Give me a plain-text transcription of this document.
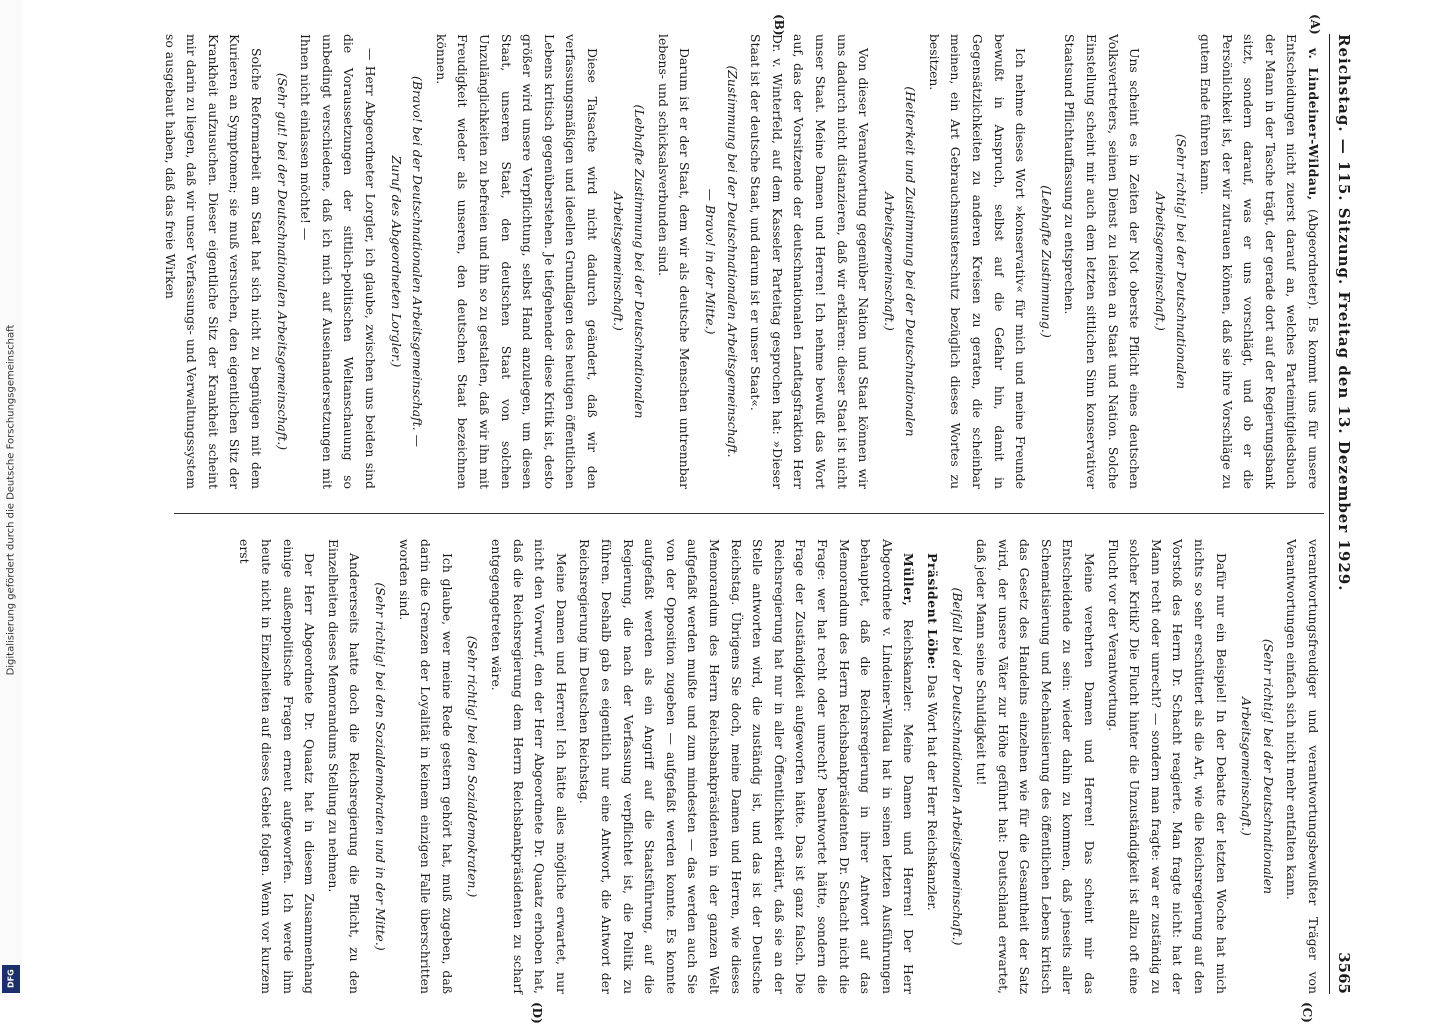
Digitalisierung gefördert durch die Deutsche Forschungsgemeinschaft
DFG
Reichstag. — 115. Sitzung. Freitag den 13. Dezember 1929.
3565
(A)
(B)
(C)
(D)

v. Lindeiner-Wildau, (Abgeordneter). Es kommt uns für unsere Entscheidungen nicht zuerst darauf an, welches Parteimitgliedsbuch der Mann in der Tasche trägt, der gerade dort auf der Regierungsbank sitzt, sondern darauf, was er uns vorschlägt, und ob er die Persönlichkeit ist, der wir zutrauen können, daß sie ihre Vorschläge zu gutem Ende führen kann.

(Sehr richtig! bei der Deutschnationalen Arbeitsgemeinschaft.)

Uns scheint es in Zeiten der Not oberste Pflicht eines deutschen Volksvertreters, seinen Dienst zu leisten an Staat und Nation. Solche Einstellung scheint mir auch dem letzten sittlichen Sinn konservativer Staatsund Pflichtauffassung zu entsprechen.

(Lebhafte Zustimmung.)

Ich nehme dieses Wort »konservativ« für mich und meine Freunde bewußt in Anspruch, selbst auf die Gefahr hin, damit in Gegensätzlichkeiten zu anderen Kreisen zu geraten, die scheinbar meinen, ein Art Gebrauchsmusterschutz bezüglich dieses Wortes zu besitzen.

(Heiterkeit und Zustimmung bei der Deutschnationalen Arbeitsgemeinschaft.)

Von dieser Verantwortung gegenüber Nation und Staat können wir uns dadurch nicht distanzieren, daß wir erklären: dieser Staat ist nicht unser Staat. Meine Damen und Herren! Ich nehme bewußt das Wort auf, das der Vorsitzende der deutschnationalen Landtagsfraktion Herr Dr. v. Winterfeld, auf dem Kasseler Parteitag gesprochen hat: »Dieser Staat ist der deutsche Staat, und darum ist er unser Staat«.

(Zustimmung bei der Deutschnationalen Arbeitsgemeinschaft. — Bravo! in der Mitte.)

Darum ist er der Staat, dem wir als deutsche Menschen untrennbar lebens- und schicksalsverbunden sind.

(Lebhafte Zustimmung bei der Deutschnationalen Arbeitsgemeinschaft.)

Diese Tatsache wird nicht dadurch geändert, daß wir den verfassungsmäßigen und ideellen Grundlagen des heutigen öffentlichen Lebens kritisch gegenüberstehen. Je tiefgehender diese Kritik ist, desto größer wird unsere Verpflichtung, selbst Hand anzulegen, um diesen Staat, unseren Staat, den deutschen Staat von solchen Unzulänglichkeiten zu befreien und ihn so zu gestalten, daß wir ihn mit Freudigkeit wieder als unseren, den deutschen Staat bezeichnen können.

(Bravo! bei der Deutschnationalen Arbeitsgemeinschaft. — Zuruf des Abgeordneten Lorgler.)

— Herr Abgeordneter Lorgler, ich glaube, zwischen uns beiden sind die Voraussetzungen der sittlich-politischen Weltanschauung so unbedingt verschiedene, daß ich mich auf Auseinandersetzungen mit Ihnen nicht einlassen möchte! —

(Sehr gut! bei der Deutschnationalen Arbeitsgemeinschaft.)

Solche Reformarbeit am Staat hat sich nicht zu begnügen mit dem Kurieren an Symptomen; sie muß versuchen, den eigentlichen Sitz der Krankheit aufzusuchen. Dieser eigentliche Sitz der Krankheit scheint mir darin zu liegen, daß wir unser Verfassungs- und Verwaltungssystem so ausgebaut haben, daß das freie Wirken

verantwortungsfreudiger und verantwortungsbewußter Träger von Verantwortungen einfach sich nicht mehr entfalten kann.

(Sehr richtig! bei der Deutschnationalen Arbeitsgemeinschaft.)

Dafür nur ein Beispiel! In der Debatte der letzten Woche hat mich nichts so sehr erschüttert als die Art, wie die Reichsregierung auf den Vorstoß des Herrn Dr. Schacht reagierte. Man fragte nicht: hat der Mann recht oder unrecht? — sondern man fragte: war er zuständig zu solcher Kritik? Die Flucht hinter die Unzuständigkeit ist allzu oft eine Flucht vor der Verantwortung.

Meine verehrten Damen und Herren! Das scheint mir das Entscheidende zu sein: wieder dahin zu kommen, daß jenseits aller Schematisierung und Mechanisierung des öffentlichen Lebens kritisch das Gesetz des Handelns einzelnen wie für die Gesamtheit der Satz wird, der unsere Väter zur Höhe geführt hat: Deutschland erwartet, daß jeder Mann seine Schuldigkeit tut!

(Beifall bei der Deutschnationalen Arbeitsgemeinschaft.)

Präsident Löbe: Das Wort hat der Herr Reichskanzler.

Müller, Reichskanzler: Meine Damen und Herren! Der Herr Abgeordnete v. Lindeiner-Wildau hat in seinen letzten Ausführungen behauptet, daß die Reichsregierung in ihrer Antwort auf das Memorandum des Herrn Reichsbankpräsidenten Dr. Schacht nicht die Frage: wer hat recht oder unrecht? beantwortet hätte, sondern die Frage der Zuständigkeit aufgeworfen hätte. Das ist ganz falsch. Die Reichsregierung hat nur in aller Öffentlichkeit erklärt, daß sie an der Stelle antworten wird, die zuständig ist, und das ist der Deutsche Reichstag. Übrigens Sie doch, meine Damen und Herren, wie dieses Memorandum des Herrn Reichsbankpräsidenten in der ganzen Welt aufgefaßt werden mußte und zum mindesten — das werden auch Sie von der Opposition zugeben — aufgefaßt werden konnte. Es konnte aufgefaßt werden als ein Angriff auf die Staatsführung, auf die Regierung, die nach der Verfassung verpflichtet ist, die Politik zu führen. Deshalb gab es eigentlich nur eine Antwort, die Antwort der Reichsregierung im Deutschen Reichstag.

Meine Damen und Herren! Ich hätte alles mögliche erwartet, nur nicht den Vorwurf, den der Herr Abgeordnete Dr. Quaatz erhoben hat, daß die Reichsregierung dem Herrn Reichsbankpräsidenten zu scharf entgegengetreten wäre.

(Sehr richtig! bei den Sozialdemokraten.)

Ich glaube, wer meine Rede gestern gehört hat, muß zugeben, daß darin die Grenzen der Loyalität in keinem einzigen Falle überschritten worden sind.

(Sehr richtig! bei den Sozialdemokraten und in der Mitte.)

Andererseits hatte doch die Reichsregierung die Pflicht, zu den Einzelheiten dieses Memorandums Stellung zu nehmen.

Der Herr Abgeordnete Dr. Quaatz hat in diesem Zusammenhang einige außenpolitische Fragen erneut aufgeworfen. Ich werde ihm heute nicht in Einzelheiten auf dieses Gebiet folgen. Wenn vor kurzem erst
